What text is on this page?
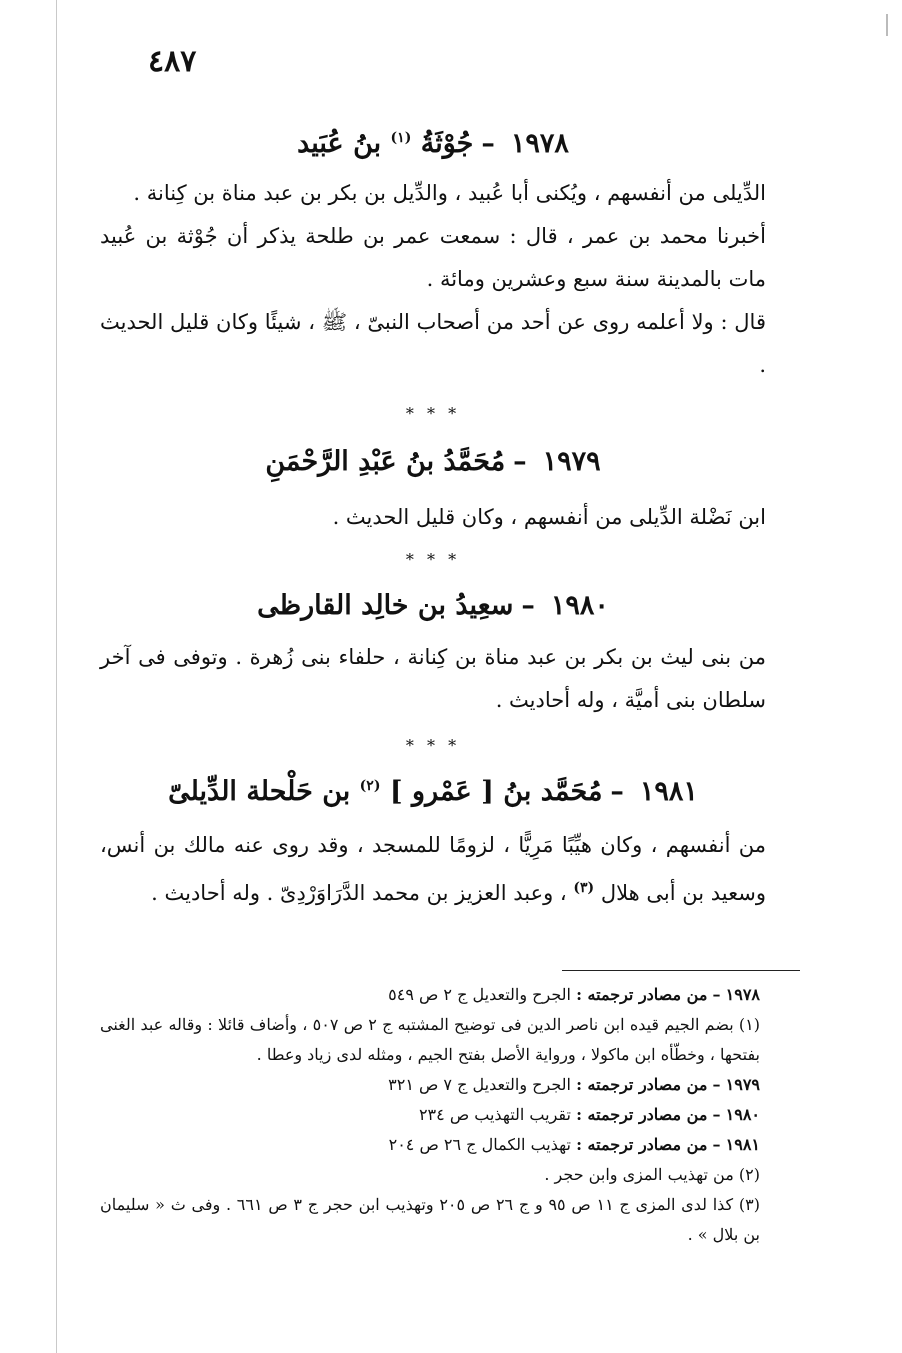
٤٨٧
١٩٧٨–جُوْثَةُ $^{(١)}$ بنُ عُبَيد
الدِّيلى من أنفسهم ، ويُكنى أبا عُبيد ، والدِّيل بن بكر بن عبد مناة بن كِنانة .
أخبرنا محمد بن عمر ، قال : سمعت عمر بن طلحة يذكر أن جُوْثة بن عُبيد مات بالمدينة سنة سبع وعشرين ومائة .
قال : ولا أعلمه روى عن أحد من أصحاب النبىّ ، ﷺ ، شيئًا وكان قليل الحديث .
* * *
١٩٧٩–مُحَمَّدُ بنُ عَبْدِ الرَّحْمَنِ
ابن نَضْلة الدِّيلى من أنفسهم ، وكان قليل الحديث .
* * *
١٩٨٠–سعِيدُ بن خالِد القارظى
من بنى ليث بن بكر بن عبد مناة بن كِنانة ، حلفاء بنى زُهرة . وتوفى فى آخر سلطان بنى أميَّة ، وله أحاديث .
* * *
١٩٨١–مُحَمَّد بنُ [ عَمْرو ] $^{(٢)}$ بن حَلْحلة الدِّيلىّ
من أنفسهم ، وكان هيِّبًا مَرِيًّا ، لزومًا للمسجد ، وقد روى عنه مالك بن أنس، وسعيد بن أبى هلال $^{(٣)}$ ، وعبد العزيز بن محمد الدَّرَاوَرْدِىّ . وله أحاديث .
١٩٧٨ – من مصادر ترجمته : الجرح والتعديل ج ٢ ص ٥٤٩
(١) بضم الجيم قيده ابن ناصر الدين فى توضيح المشتبه ج ٢ ص ٥٠٧ ، وأضاف قائلا : وقاله عبد الغنى بفتحها ، وخطّأه ابن ماكولا ، ورواية الأصل بفتح الجيم ، ومثله لدى زياد وعطا .
١٩٧٩ – من مصادر ترجمته : الجرح والتعديل ج ٧ ص ٣٢١
١٩٨٠ – من مصادر ترجمته : تقريب التهذيب ص ٢٣٤
١٩٨١ – من مصادر ترجمته : تهذيب الكمال ج ٢٦ ص ٢٠٤
(٢) من تهذيب المزى وابن حجر .
(٣) كذا لدى المزى ج ١١ ص ٩٥ و ج ٢٦ ص ٢٠٥ وتهذيب ابن حجر ج ٣ ص ٦٦١ . وفى ث « سليمان بن بلال » .
